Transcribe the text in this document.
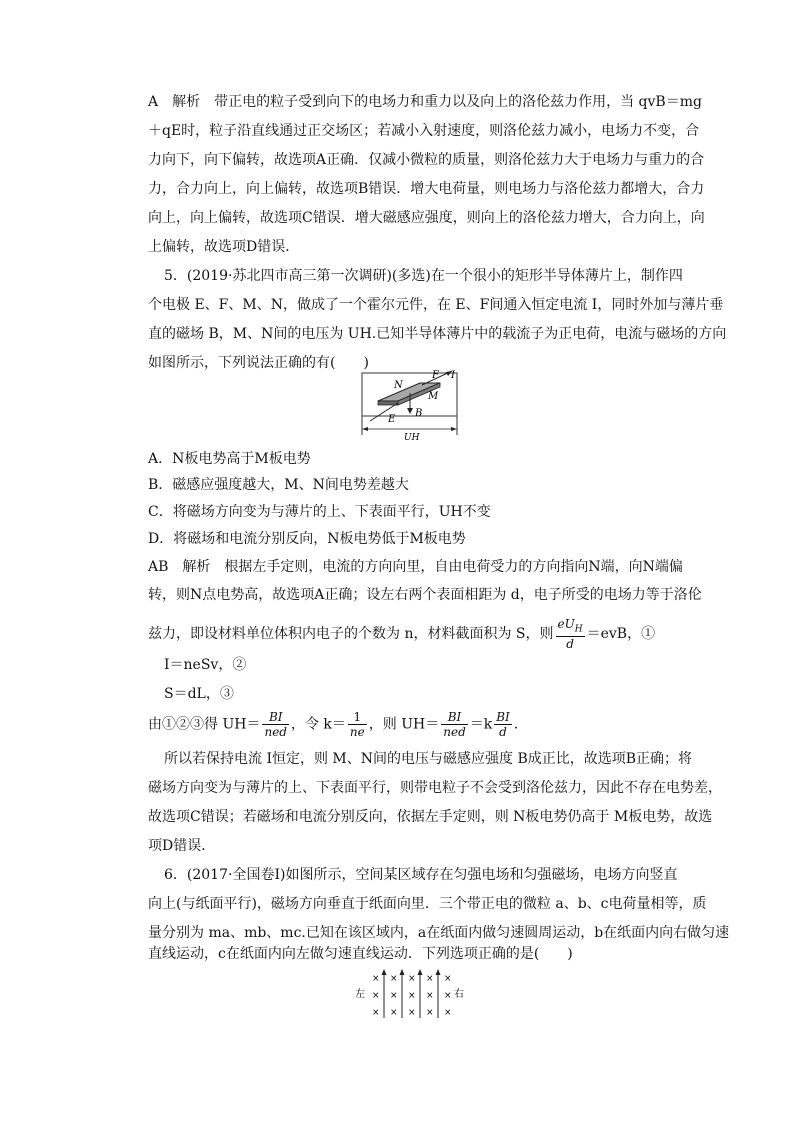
A　解析　带正电的粒子受到向下的电场力和重力以及向上的洛伦兹力作用，当 qvB＝mg
＋qE时，粒子沿直线通过正交场区；若减小入射速度，则洛伦兹力减小，电场力不变，合
力向下，向下偏转，故选项A正确．仅减小微粒的质量，则洛伦兹力大于电场力与重力的合
力，合力向上，向上偏转，故选项B错误．增大电荷量，则电场力与洛伦兹力都增大，合力
向上，向上偏转，故选项C错误．增大磁感应强度，则向上的洛伦兹力增大，合力向上，向
上偏转，故选项D错误．
5．(2019·苏北四市高三第一次调研)(多选)在一个很小的矩形半导体薄片上，制作四
个电极 E、F、M、N，做成了一个霍尔元件，在 E、F间通入恒定电流 I，同时外加与薄片垂
直的磁场 B，M、N间的电压为 UH.已知半导体薄片中的载流子为正电荷，电流与磁场的方向
如图所示，下列说法正确的有(　　)
N
F I
M
B
E
UH
A．N板电势高于M板电势
B．磁感应强度越大，M、N间电势差越大
C．将磁场方向变为与薄片的上、下表面平行，UH不变
D．将磁场和电流分别反向，N板电势低于M板电势
AB　解析　根据左手定则，电流的方向向里，自由电荷受力的方向指向N端，向N端偏
转，则N点电势高，故选项A正确；设左右两个表面相距为 d，电子所受的电场力等于洛伦
兹力，即设材料单位体积内电子的个数为 n，材料截面积为 S，则 $\frac{eU_H}{d} =evB$，①
I＝neSv，②
S＝dL，③
由①②③得 $UH= \frac{BI}{\text{ned}}$ ，令 $k= \frac{1}{ne}$ ，则 $UH= \frac{BI}{\text{ned}} =k \frac{BI}{d}$ .
所以若保持电流 I恒定，则 M、N间的电压与磁感应强度 B成正比，故选项B正确；将
磁场方向变为与薄片的上、下表面平行，则带电粒子不会受到洛伦兹力，因此不存在电势差，
故选项C错误；若磁场和电流分别反向，依据左手定则，则 N板电势仍高于 M板电势，故选
项D错误．
6．(2017·全国卷Ⅰ)如图所示，空间某区域存在匀强电场和匀强磁场，电场方向竖直
向上(与纸面平行)，磁场方向垂直于纸面向里．三个带正电的微粒 a、b、c电荷量相等，质
量分别为 ma、mb、mc.已知在该区域内，a在纸面内做匀速圆周运动，b在纸面内向右做匀速
直线运动，c在纸面内向左做匀速直线运动．下列选项正确的是(　　)
左	右
×
×
×
×
×
×
×
×
×
×
×
×
×
×
×
